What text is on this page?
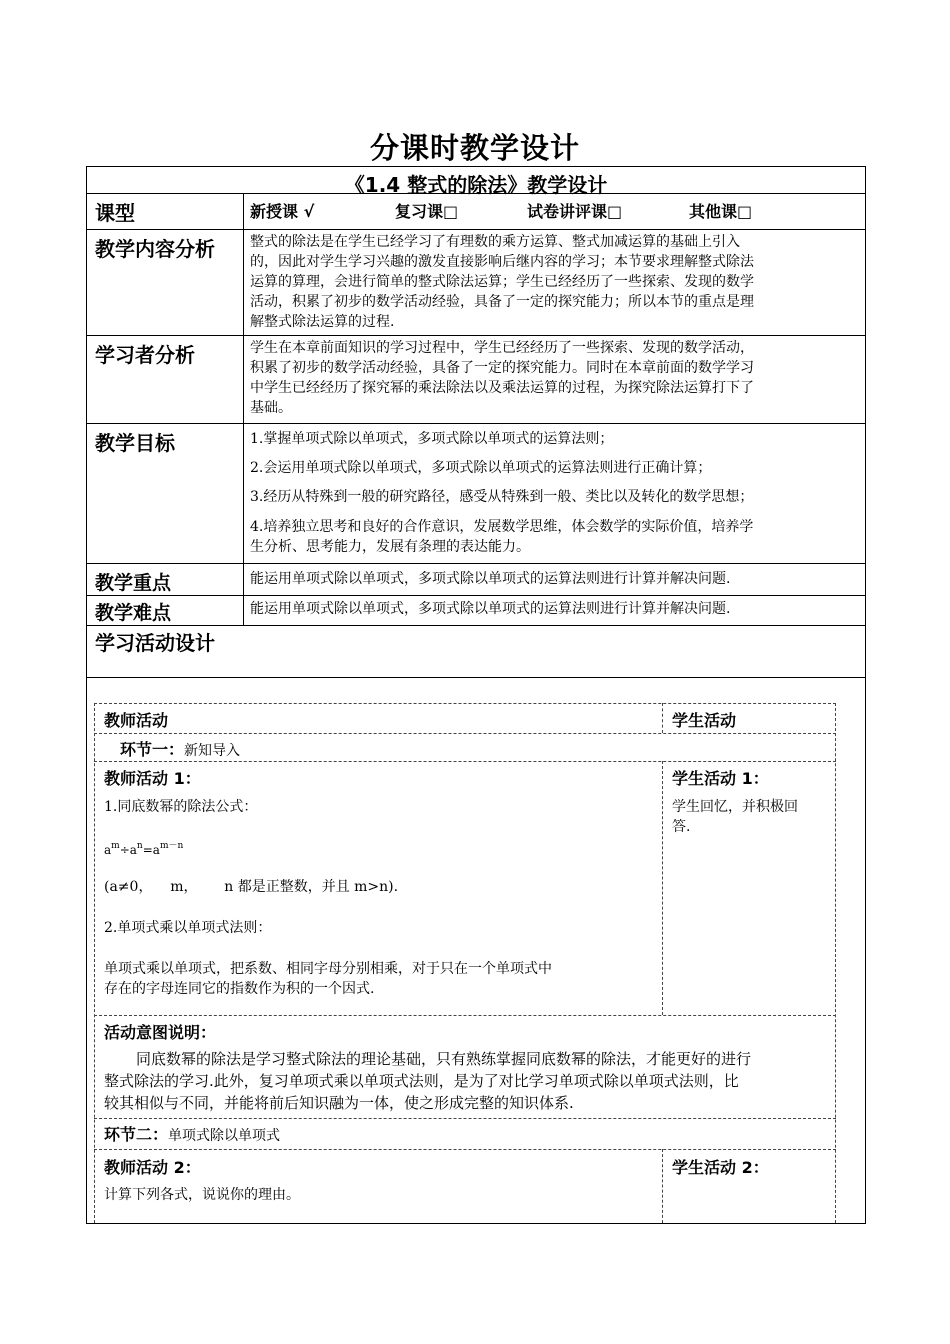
分课时教学设计
《1.4 整式的除法》教学设计
课型	新授课 √	复习课□	试卷讲评课□	其他课□
教学内容分析	整式的除法是在学生已经学习了有理数的乘方运算、整式加减运算的基础上引入
的，因此对学生学习兴趣的激发直接影响后继内容的学习；本节要求理解整式除法
运算的算理，会进行简单的整式除法运算；学生已经经历了一些探索、发现的数学
活动，积累了初步的数学活动经验，具备了一定的探究能力；所以本节的重点是理
解整式除法运算的过程.
学习者分析	学生在本章前面知识的学习过程中，学生已经经历了一些探索、发现的数学活动，
积累了初步的数学活动经验，具备了一定的探究能力。同时在本章前面的数学学习
中学生已经经历了探究幂的乘法除法以及乘法运算的过程，为探究除法运算打下了
基础。
教学目标	1.掌握单项式除以单项式，多项式除以单项式的运算法则；
2.会运用单项式除以单项式，多项式除以单项式的运算法则进行正确计算；
3.经历从特殊到一般的研究路径，感受从特殊到一般、类比以及转化的数学思想；
4.培养独立思考和良好的合作意识，发展数学思维，体会数学的实际价值，培养学
生分析、思考能力，发展有条理的表达能力。
教学重点	能运用单项式除以单项式，多项式除以单项式的运算法则进行计算并解决问题.
教学难点	能运用单项式除以单项式，多项式除以单项式的运算法则进行计算并解决问题.
学习活动设计
教师活动	学生活动
环节一：新知导入
教师活动 1：
1.同底数幂的除法公式：
$a^m\div a^n=a^{m-n}$
(a≠0，    m，      n 都是正整数，并且 m>n).
2.单项式乘以单项式法则：
单项式乘以单项式，把系数、相同字母分别相乘，对于只在一个单项式中
存在的字母连同它的指数作为积的一个因式.
学生活动 1：
学生回忆，并积极回
答.
活动意图说明：
同底数幂的除法是学习整式除法的理论基础，只有熟练掌握同底数幂的除法，才能更好的进行
整式除法的学习.此外，复习单项式乘以单项式法则，是为了对比学习单项式除以单项式法则，比
较其相似与不同，并能将前后知识融为一体，使之形成完整的知识体系.
环节二：单项式除以单项式
教师活动 2：
计算下列各式，说说你的理由。
学生活动 2：
